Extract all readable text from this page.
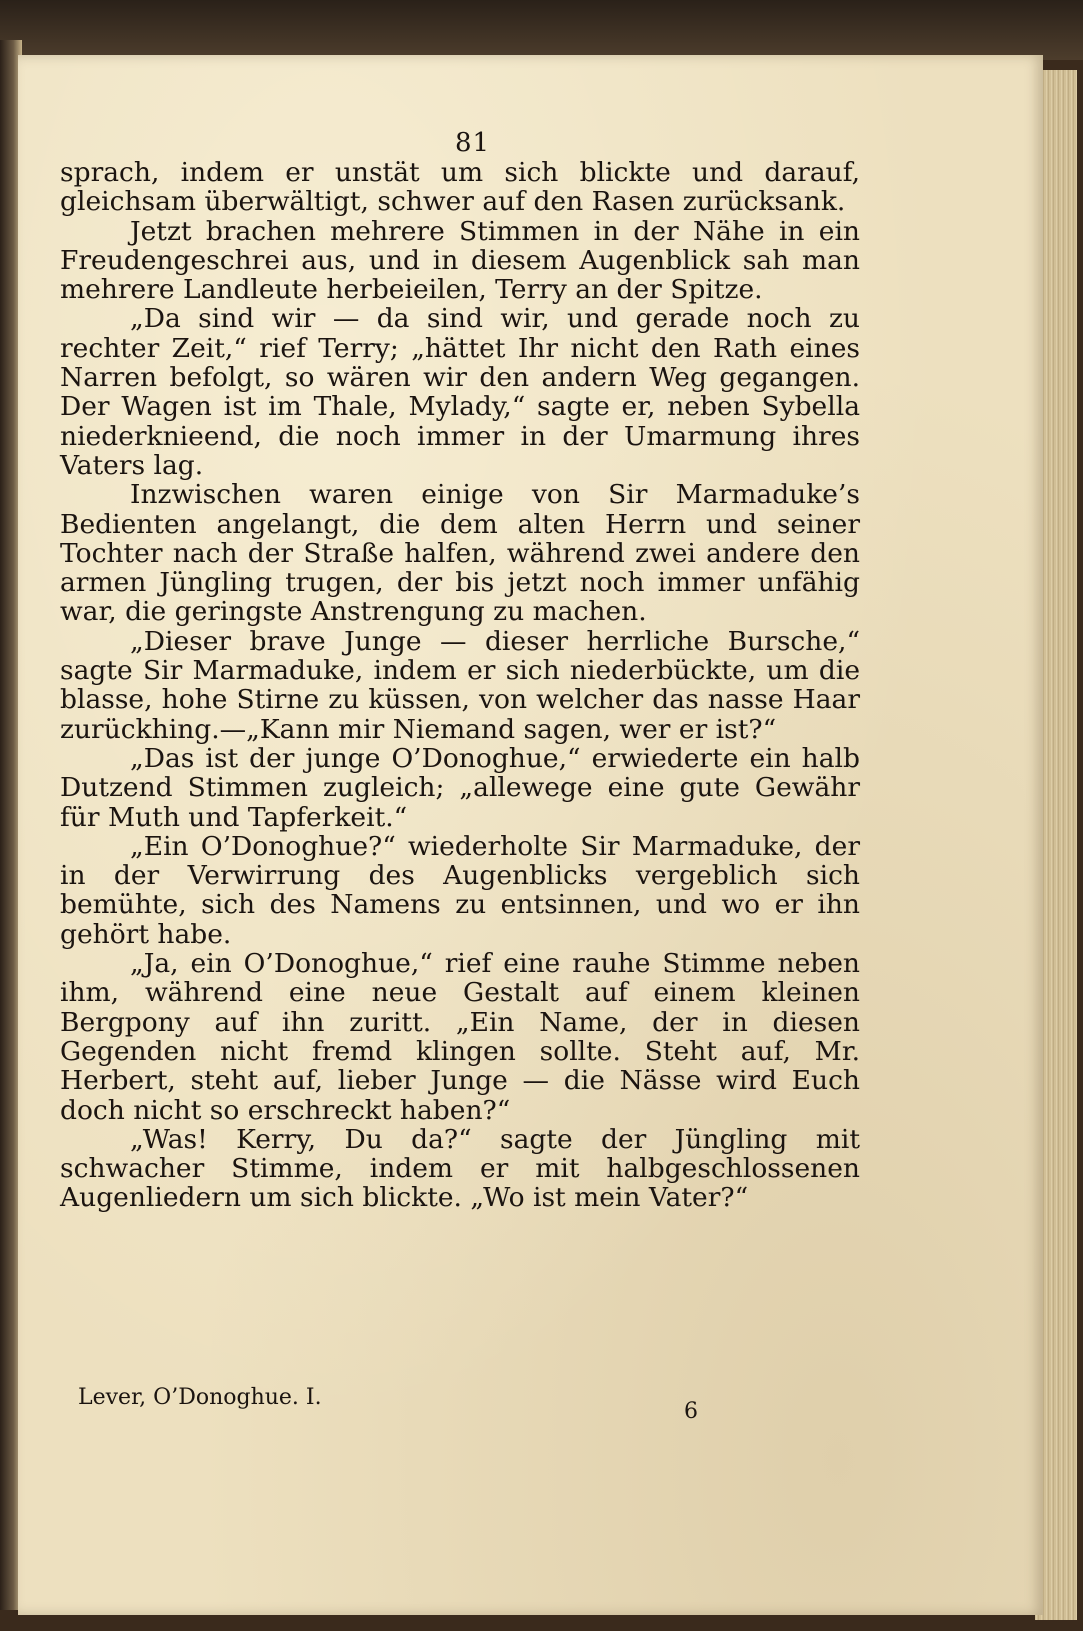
81

sprach, indem er unstät um sich blickte und darauf, gleichsam überwältigt, schwer auf den Rasen zurücksank.

Jetzt brachen mehrere Stimmen in der Nähe in ein Freudengeschrei aus, und in diesem Augenblick sah man mehrere Landleute herbeieilen, Terry an der Spitze.

„Da sind wir — da sind wir, und gerade noch zu rechter Zeit,“ rief Terry; „hättet Ihr nicht den Rath eines Narren befolgt, so wären wir den andern Weg gegangen. Der Wagen ist im Thale, Mylady,“ sagte er, neben Sybella niederknieend, die noch immer in der Umarmung ihres Vaters lag.

Inzwischen waren einige von Sir Marmaduke’s Bedienten angelangt, die dem alten Herrn und seiner Tochter nach der Straße halfen, während zwei andere den armen Jüngling trugen, der bis jetzt noch immer unfähig war, die geringste Anstrengung zu machen.

„Dieser brave Junge — dieser herrliche Bursche,“ sagte Sir Marmaduke, indem er sich niederbückte, um die blasse, hohe Stirne zu küssen, von welcher das nasse Haar zurückhing.—„Kann mir Niemand sagen, wer er ist?“

„Das ist der junge O’Donoghue,“ erwiederte ein halb Dutzend Stimmen zugleich; „allewege eine gute Gewähr für Muth und Tapferkeit.“

„Ein O’Donoghue?“ wiederholte Sir Marmaduke, der in der Verwirrung des Augenblicks vergeblich sich bemühte, sich des Namens zu entsinnen, und wo er ihn gehört habe.

„Ja, ein O’Donoghue,“ rief eine rauhe Stimme neben ihm, während eine neue Gestalt auf einem kleinen Bergpony auf ihn zuritt. „Ein Name, der in diesen Gegenden nicht fremd klingen sollte. Steht auf, Mr. Herbert, steht auf, lieber Junge — die Nässe wird Euch doch nicht so erschreckt haben?“

„Was! Kerry, Du da?“ sagte der Jüngling mit schwacher Stimme, indem er mit halbgeschlossenen Augenliedern um sich blickte. „Wo ist mein Vater?“

Lever, O’Donoghue. I.
6
